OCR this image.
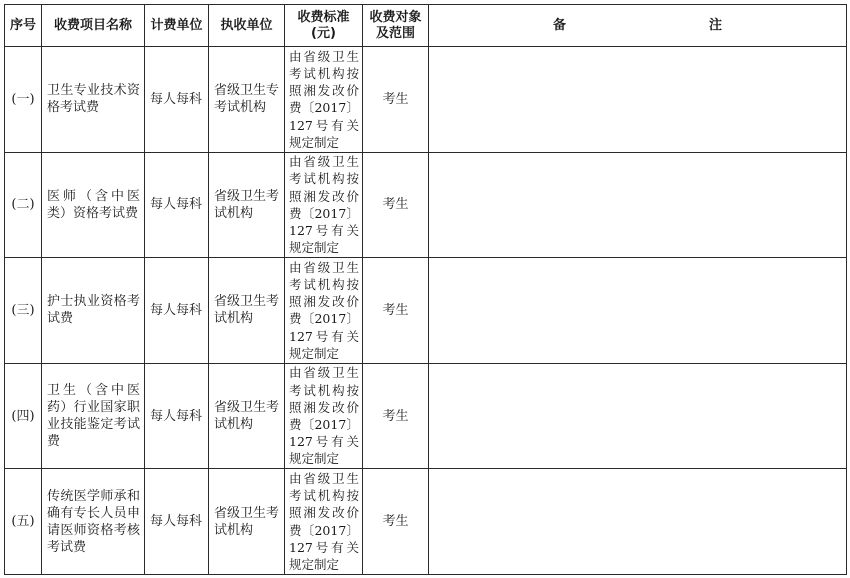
序号	收费项目名称	计费单位	执收单位	收费标准(元)	收费对象及范围	备 注
(一)	卫生专业技术资格考试费	每人每科	省级卫生专考试机构	由省级卫生考试机构按照湘发改价费〔2017〕127号有关规定制定	考生	
(二)	医师（含中医类）资格考试费	每人每科	省级卫生考试机构	由省级卫生考试机构按照湘发改价费〔2017〕127号有关规定制定	考生	
(三)	护士执业资格考试费	每人每科	省级卫生考试机构	由省级卫生考试机构按照湘发改价费〔2017〕127号有关规定制定	考生	
(四)	卫生（含中医药）行业国家职业技能鉴定考试费	每人每科	省级卫生考试机构	由省级卫生考试机构按照湘发改价费〔2017〕127号有关规定制定	考生	
(五)	传统医学师承和确有专长人员申请医师资格考核考试费	每人每科	省级卫生考试机构	由省级卫生考试机构按照湘发改价费〔2017〕127号有关规定制定	考生	
